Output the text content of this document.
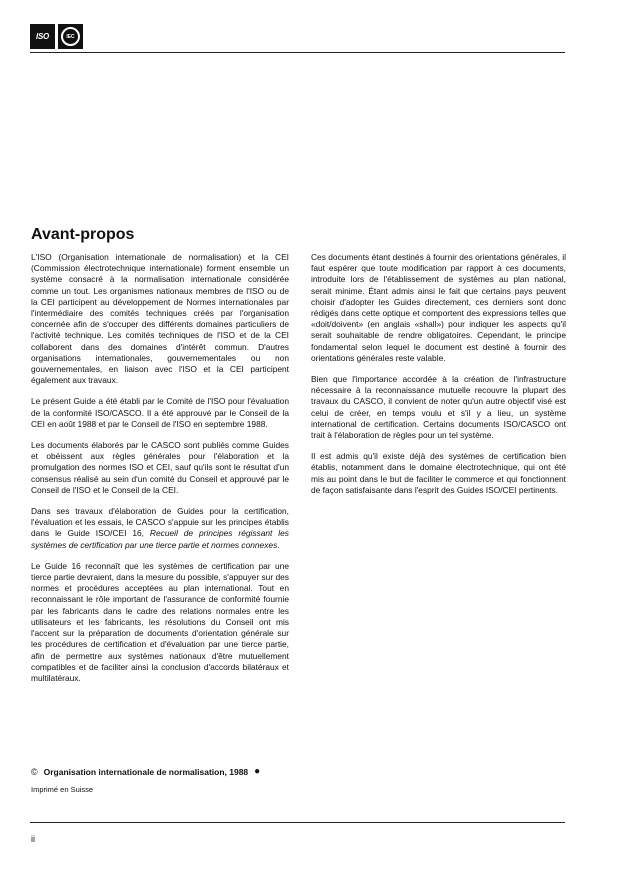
ISO	IEC
Avant-propos

L'ISO (Organisation internationale de normalisation) et la CEI (Commission électrotechnique internationale) forment ensemble un système consacré à la normalisation internationale considérée comme un tout. Les organismes nationaux membres de l'ISO ou de la CEI participent au développement de Normes internationales par l'intermédiaire des comités techniques créés par l'organisation concernée afin de s'occuper des différents domaines particuliers de l'activité technique. Les comités techniques de l'ISO et de la CEI collaborent dans des domaines d'intérêt commun. D'autres organisations internationales, gouvernementales ou non gouvernementales, en liaison avec l'ISO et la CEI participent également aux travaux.

Le présent Guide a été établi par le Comité de l'ISO pour l'évaluation de la conformité ISO/CASCO. Il a été approuvé par le Conseil de la CEI en août 1988 et par le Conseil de l'ISO en septembre 1988.

Les documents élaborés par le CASCO sont publiés comme Guides et obéissent aux règles générales pour l'élaboration et la promulgation des normes ISO et CEI, sauf qu'ils sont le résultat d'un consensus réalisé au sein d'un comité du Conseil et approuvé par le Conseil de l'ISO et le Conseil de la CEI.

Dans ses travaux d'élaboration de Guides pour la certification, l'évaluation et les essais, le CASCO s'appuie sur les principes établis dans le Guide ISO/CEI 16, Recueil de principes régissant les systèmes de certification par une tierce partie et normes connexes.

Le Guide 16 reconnaît que les systèmes de certification par une tierce partie devraient, dans la mesure du possible, s'appuyer sur des normes et procédures acceptées au plan international. Tout en reconnaissant le rôle important de l'assurance de conformité fournie par les fabricants dans le cadre des relations normales entre les utilisateurs et les fabricants, les résolutions du Conseil ont mis l'accent sur la préparation de documents d'orientation générale sur les procédures de certification et d'évaluation par une tierce partie, afin de permettre aux systèmes nationaux d'être mutuellement compatibles et de faciliter ainsi la conclusion d'accords bilatéraux et multilatéraux.

Ces documents étant destinés à fournir des orientations générales, il faut espérer que toute modification par rapport à ces documents, introduite lors de l'établissement de systèmes au plan national, serait minime. Étant admis ainsi le fait que certains pays peuvent choisir d'adopter les Guides directement, ces derniers sont donc rédigés dans cette optique et comportent des expressions telles que «doit/doivent» (en anglais «shall») pour indiquer les aspects qu'il serait souhaitable de rendre obligatoires. Cependant, le principe fondamental selon lequel le document est destiné à fournir des orientations générales reste valable.

Bien que l'importance accordée à la création de l'infrastructure nécessaire à la reconnaissance mutuelle recouvre la plupart des travaux du CASCO, il convient de noter qu'un autre objectif visé est celui de créer, en temps voulu et s'il y a lieu, un système international de certification. Certains documents ISO/CASCO ont trait à l'élaboration de règles pour un tel système.

Il est admis qu'il existe déjà des systèmes de certification bien établis, notamment dans le domaine électrotechnique, qui ont été mis au point dans le but de faciliter le commerce et qui fonctionnent de façon satisfaisante dans l'esprit des Guides ISO/CEI pertinents.

© Organisation internationale de normalisation, 1988 ●
Imprimé en Suisse
ii
